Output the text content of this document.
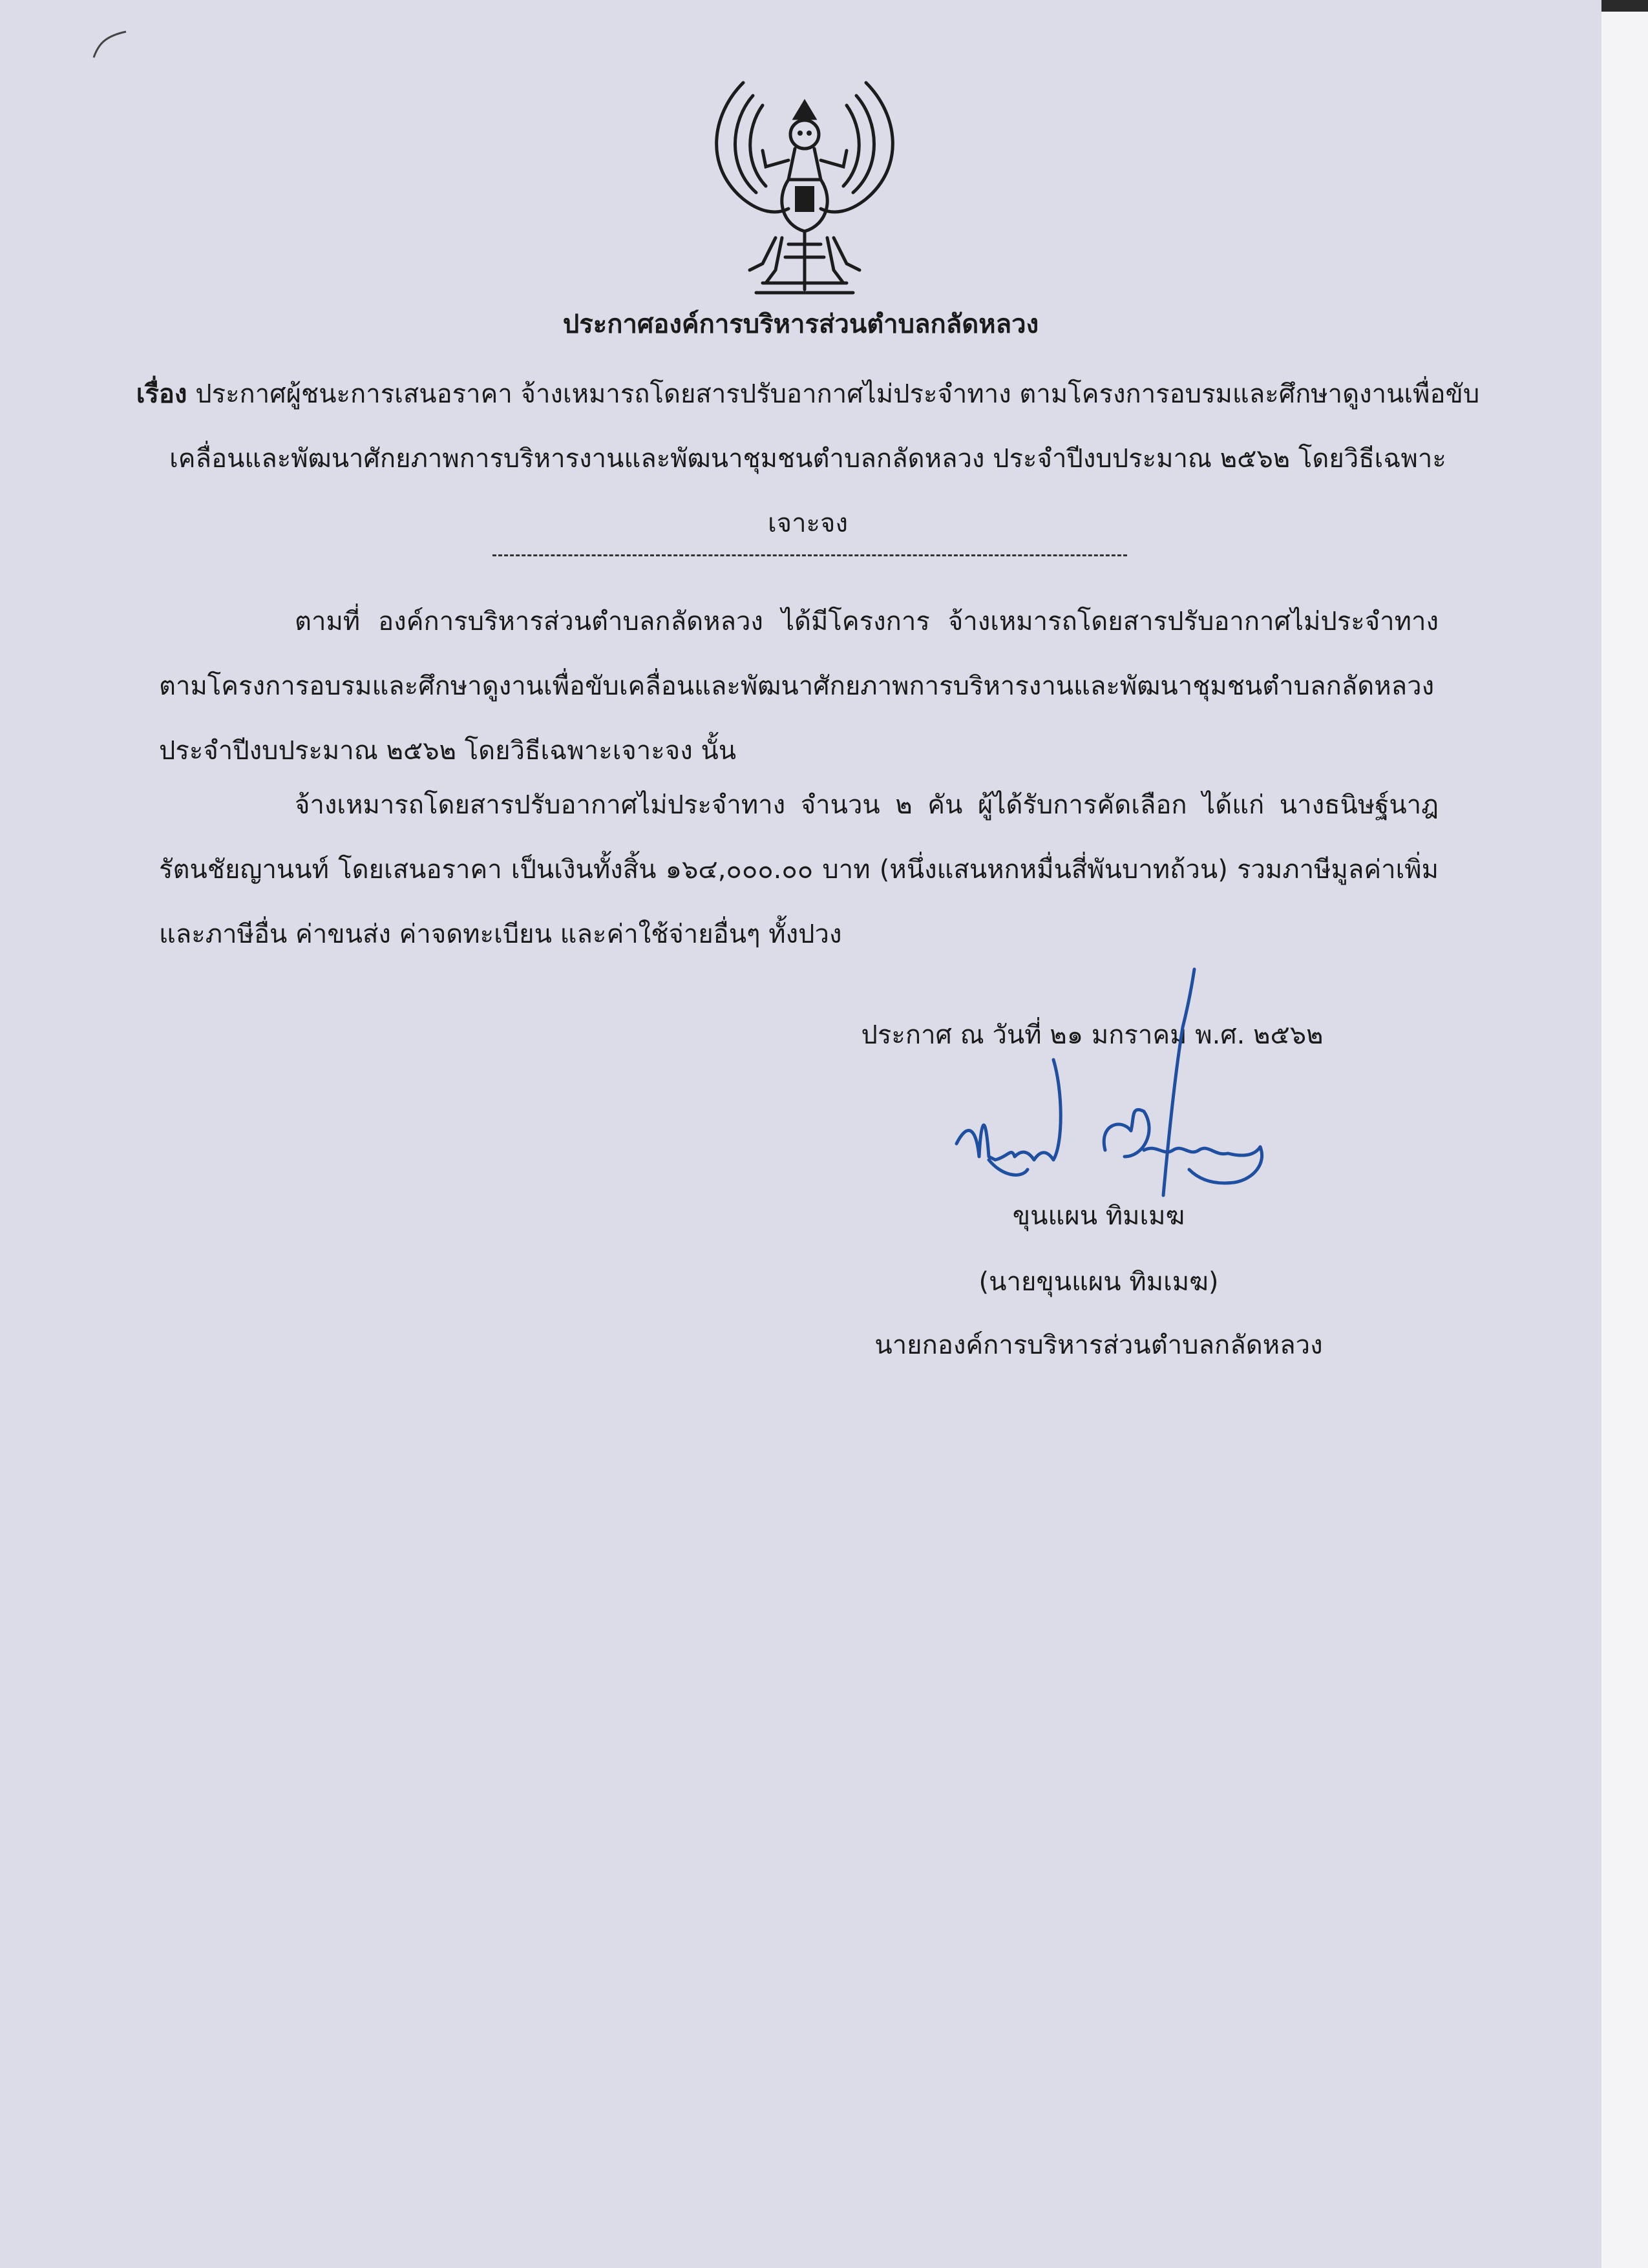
ประกาศองค์การบริหารส่วนตำบลกลัดหลวง
เรื่อง ประกาศผู้ชนะการเสนอราคา จ้างเหมารถโดยสารปรับอากาศไม่ประจำทาง ตามโครงการอบรมและศึกษาดูงานเพื่อขับเคลื่อนและพัฒนาศักยภาพการบริหารงานและพัฒนาชุมชนตำบลกลัดหลวง ประจำปีงบประมาณ ๒๕๖๒ โดยวิธีเฉพาะเจาะจง
ตามที่ องค์การบริหารส่วนตำบลกลัดหลวง ได้มีโครงการ จ้างเหมารถโดยสารปรับอากาศไม่ประจำทาง ตามโครงการอบรมและศึกษาดูงานเพื่อขับเคลื่อนและพัฒนาศักยภาพการบริหารงานและพัฒนาชุมชนตำบลกลัดหลวง ประจำปีงบประมาณ ๒๕๖๒ โดยวิธีเฉพาะเจาะจง นั้น
จ้างเหมารถโดยสารปรับอากาศไม่ประจำทาง จำนวน ๒ คัน ผู้ได้รับการคัดเลือก ได้แก่ นางธนิษฐ์นาฎ รัตนชัยญานนท์ โดยเสนอราคา เป็นเงินทั้งสิ้น ๑๖๔,๐๐๐.๐๐ บาท (หนึ่งแสนหกหมื่นสี่พันบาทถ้วน) รวมภาษีมูลค่าเพิ่มและภาษีอื่น ค่าขนส่ง ค่าจดทะเบียน และค่าใช้จ่ายอื่นๆ ทั้งปวง
ประกาศ ณ วันที่ ๒๑ มกราคม พ.ศ. ๒๕๖๒
ขุนแผน ทิมเมฆ
(นายขุนแผน ทิมเมฆ)
นายกองค์การบริหารส่วนตำบลกลัดหลวง
